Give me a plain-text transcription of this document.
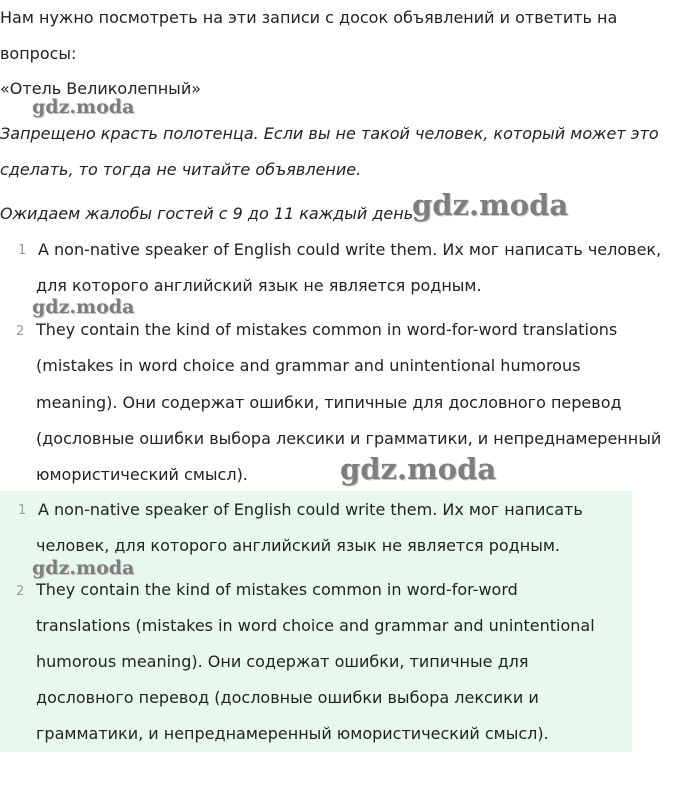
Нам нужно посмотреть на эти записи с досок объявлений и ответить на
вопросы:
«Отель Великолепный»
Запрещено красть полотенца. Если вы не такой человек, который может это
сделать, то тогда не читайте объявление.
Ожидаем жалобы гостей с 9 до 11 каждый день.
1 A non-native speaker of English could write them. Их мог написать человек,
для которого английский язык не является родным.
2 They contain the kind of mistakes common in word-for-word translations
(mistakes in word choice and grammar and unintentional humorous
meaning). Они содержат ошибки, типичные для дословного перевод
(дословные ошибки выбора лексики и грамматики, и непреднамеренный
юмористический смысл).
1 A non-native speaker of English could write them. Их мог написать
человек, для которого английский язык не является родным.
2 They contain the kind of mistakes common in word-for-word
translations (mistakes in word choice and grammar and unintentional
humorous meaning). Они содержат ошибки, типичные для
дословного перевод (дословные ошибки выбора лексики и
грамматики, и непреднамеренный юмористический смысл).
gdz.moda
gdz.moda
gdz.moda
gdz.moda
gdz.moda
